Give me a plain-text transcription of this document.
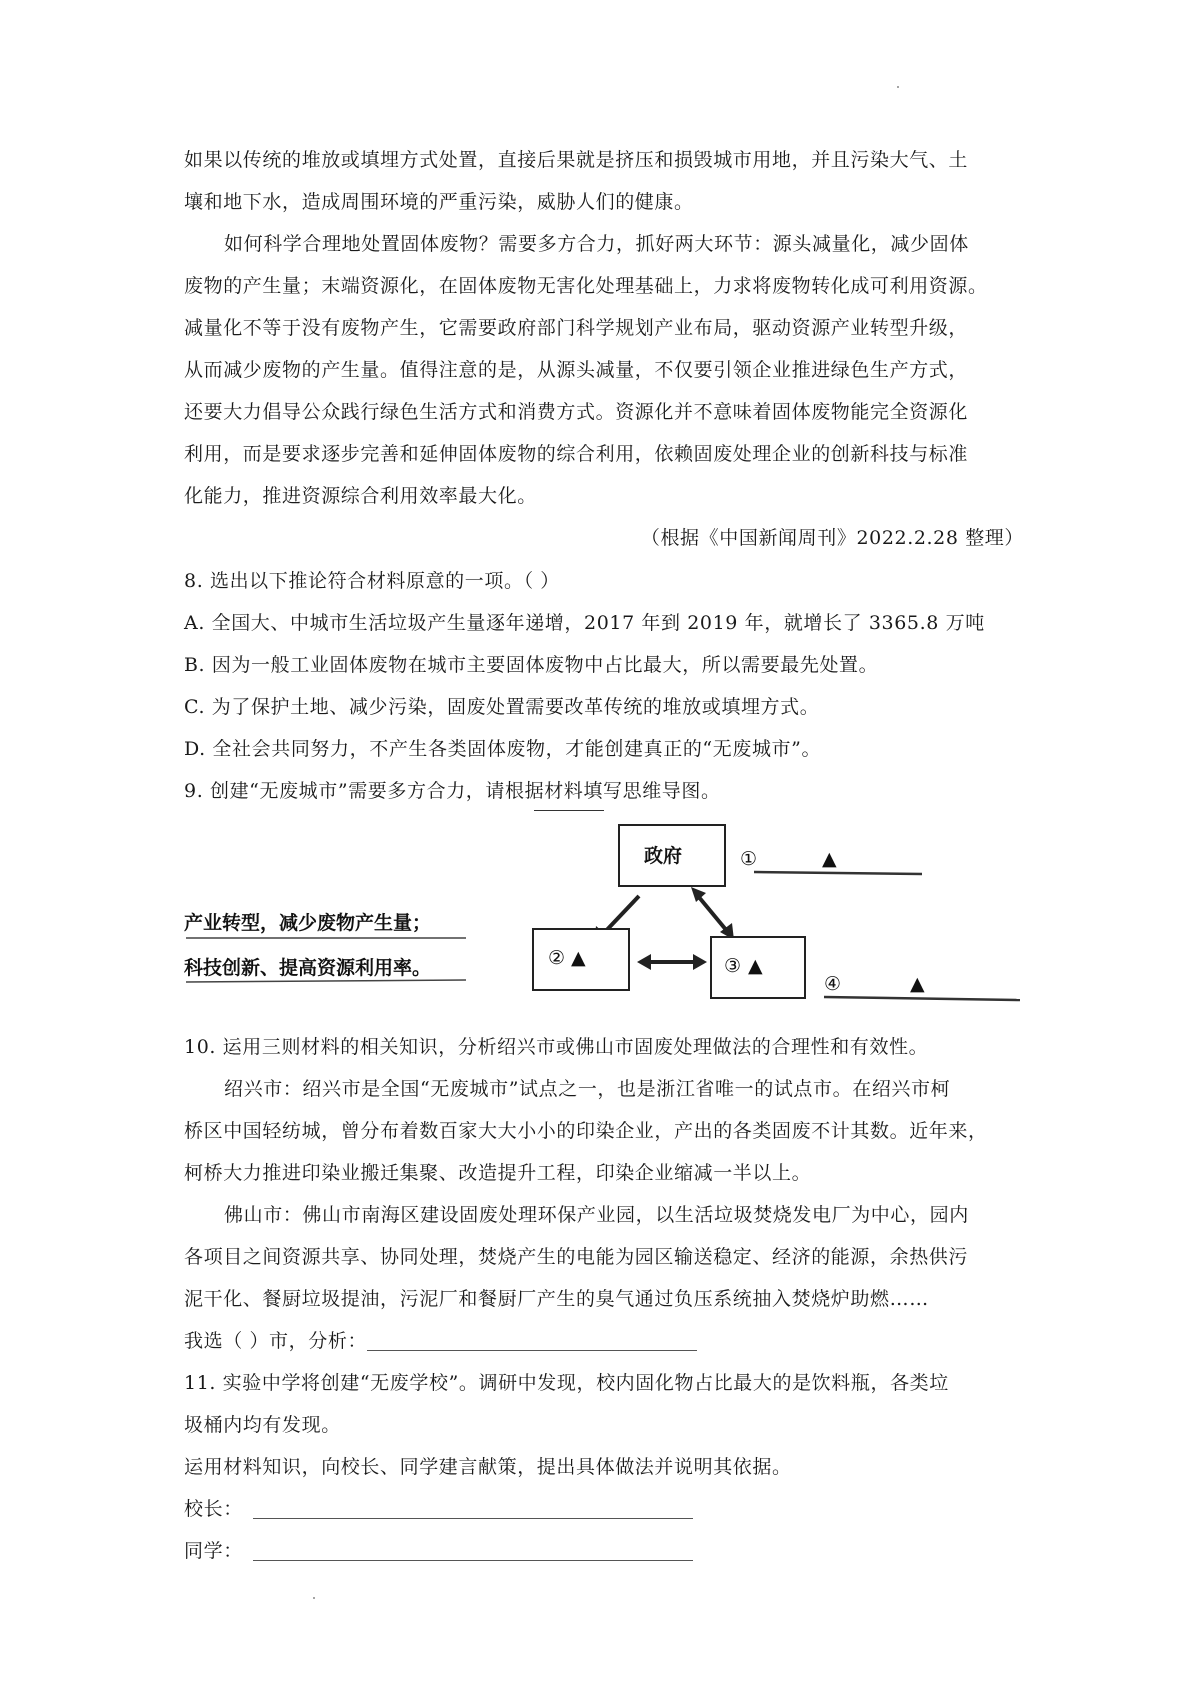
如果以传统的堆放或填埋方式处置，直接后果就是挤压和损毁城市用地，并且污染大气、土
壤和地下水，造成周围环境的严重污染，威胁人们的健康。
如何科学合理地处置固体废物？需要多方合力，抓好两大环节：源头减量化，减少固体
废物的产生量；末端资源化，在固体废物无害化处理基础上，力求将废物转化成可利用资源。
减量化不等于没有废物产生，它需要政府部门科学规划产业布局，驱动资源产业转型升级，
从而减少废物的产生量。值得注意的是，从源头减量，不仅要引领企业推进绿色生产方式，
还要大力倡导公众践行绿色生活方式和消费方式。资源化并不意味着固体废物能完全资源化
利用，而是要求逐步完善和延伸固体废物的综合利用，依赖固废处理企业的创新科技与标准
化能力，推进资源综合利用效率最大化。
（根据《中国新闻周刊》2022.2.28 整理）
8. 选出以下推论符合材料原意的一项。（ ）
A. 全国大、中城市生活垃圾产生量逐年递增，2017 年到 2019 年，就增长了 3365.8 万吨
B. 因为一般工业固体废物在城市主要固体废物中占比最大，所以需要最先处置。
C. 为了保护土地、减少污染，固废处置需要改革传统的堆放或填埋方式。
D. 全社会共同努力，不产生各类固体废物，才能创建真正的“无废城市”。
9. 创建“无废城市”需要多方合力，请根据材料填写思维导图。
产业转型，减少废物产生量；
科技创新、提高资源利用率。
政府	①	▲
② ▲	③ ▲
④	▲
10. 运用三则材料的相关知识，分析绍兴市或佛山市固废处理做法的合理性和有效性。
绍兴市：绍兴市是全国“无废城市”试点之一，也是浙江省唯一的试点市。在绍兴市柯
桥区中国轻纺城，曾分布着数百家大大小小的印染企业，产出的各类固废不计其数。近年来，
柯桥大力推进印染业搬迁集聚、改造提升工程，印染企业缩减一半以上。
佛山市：佛山市南海区建设固废处理环保产业园，以生活垃圾焚烧发电厂为中心，园内
各项目之间资源共享、协同处理，焚烧产生的电能为园区输送稳定、经济的能源，余热供污
泥干化、餐厨垃圾提油，污泥厂和餐厨厂产生的臭气通过负压系统抽入焚烧炉助燃……
我选（ ）市，分析：
11. 实验中学将创建“无废学校”。调研中发现，校内固化物占比最大的是饮料瓶，各类垃
圾桶内均有发现。
运用材料知识，向校长、同学建言献策，提出具体做法并说明其依据。
校长：
同学：
